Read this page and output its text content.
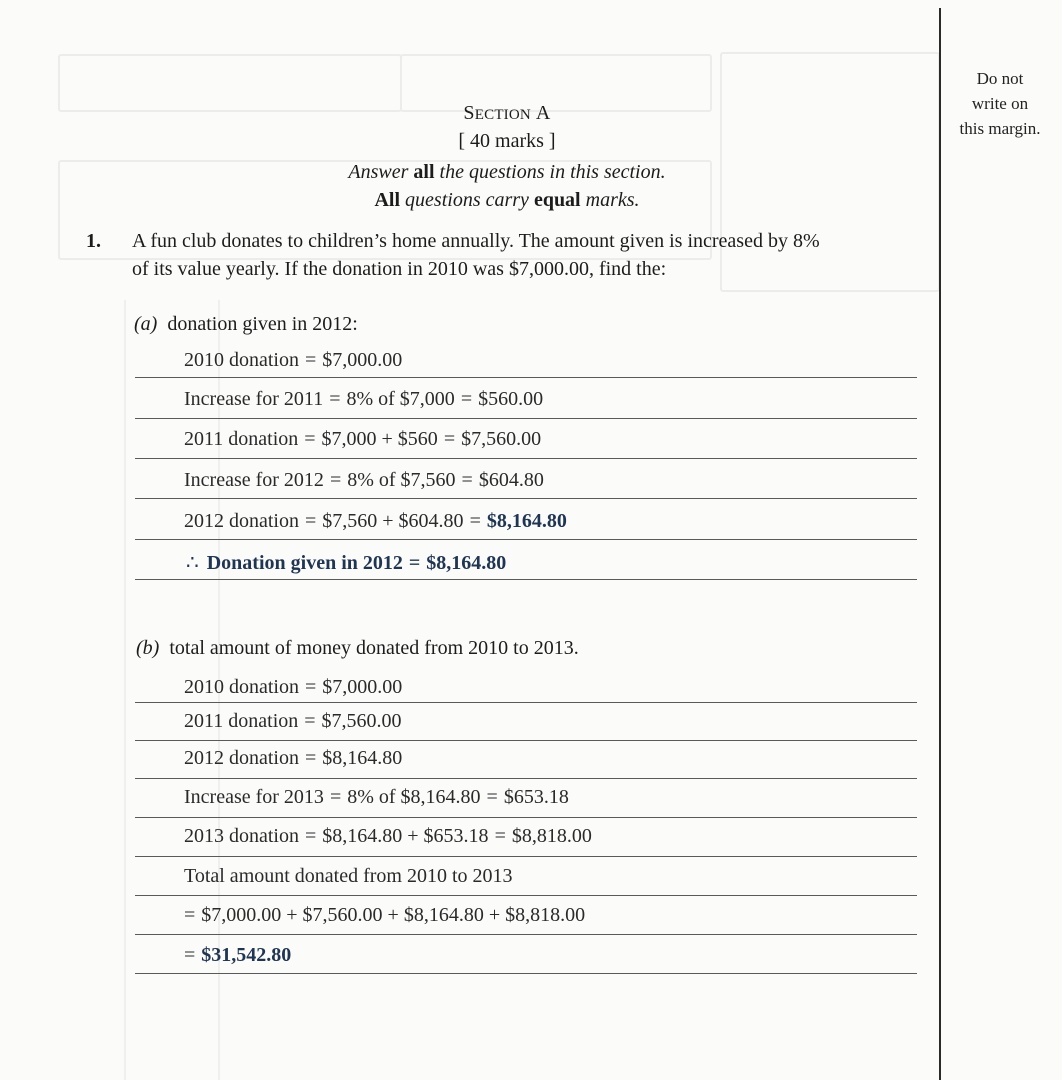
Do not
write on
this margin.
SECTION A
[ 40 marks ]
Answer all the questions in this section.
All questions carry equal marks.
1. A fun club donates to children’s home annually. The amount given is increased by 8%
of its value yearly. If the donation in 2010 was $7,000.00, find the:
(a) donation given in 2012:
2010 donation = $7,000.00
Increase for 2011 = 8% of $7,000 = $560.00
2011 donation = $7,000 + $560 = $7,560.00
Increase for 2012 = 8% of $7,560 = $604.80
2012 donation = $7,560 + $604.80 = $8,164.80
∴ Donation given in 2012 = $8,164.80
(b) total amount of money donated from 2010 to 2013.
2010 donation = $7,000.00
2011 donation = $7,560.00
2012 donation = $8,164.80
Increase for 2013 = 8% of $8,164.80 = $653.18
2013 donation = $8,164.80 + $653.18 = $8,818.00
Total amount donated from 2010 to 2013
= $7,000.00 + $7,560.00 + $8,164.80 + $8,818.00
= $31,542.80
